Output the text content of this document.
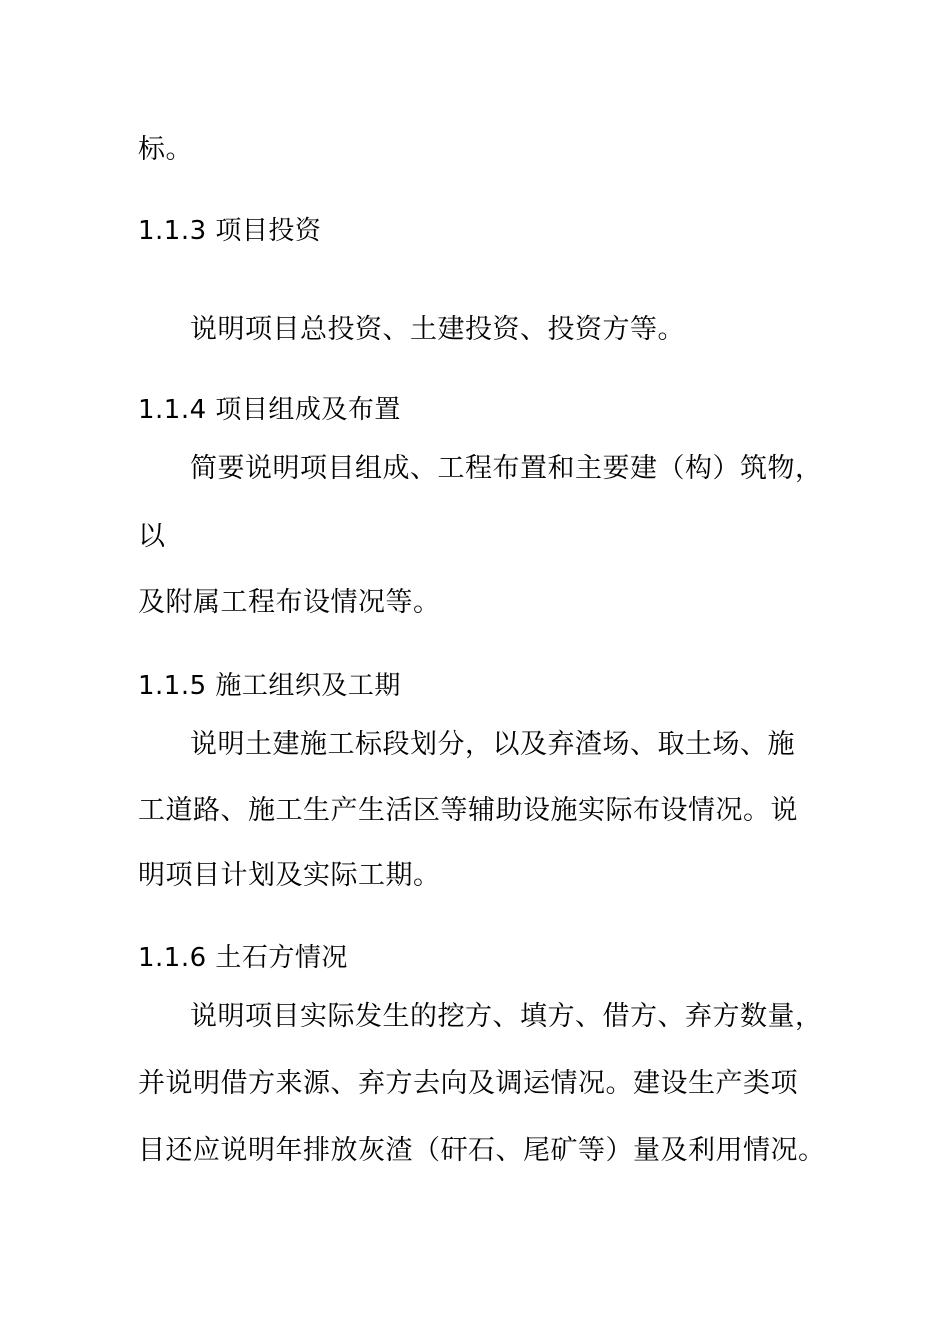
标。
1.1.3 项目投资
说明项目总投资、土建投资、投资方等。
1.1.4 项目组成及布置
简要说明项目组成、工程布置和主要建（构）筑物，
以
及附属工程布设情况等。
1.1.5 施工组织及工期
说明土建施工标段划分，以及弃渣场、取土场、施
工道路、施工生产生活区等辅助设施实际布设情况。说
明项目计划及实际工期。
1.1.6 土石方情况
说明项目实际发生的挖方、填方、借方、弃方数量，
并说明借方来源、弃方去向及调运情况。建设生产类项
目还应说明年排放灰渣（矸石、尾矿等）量及利用情况。
